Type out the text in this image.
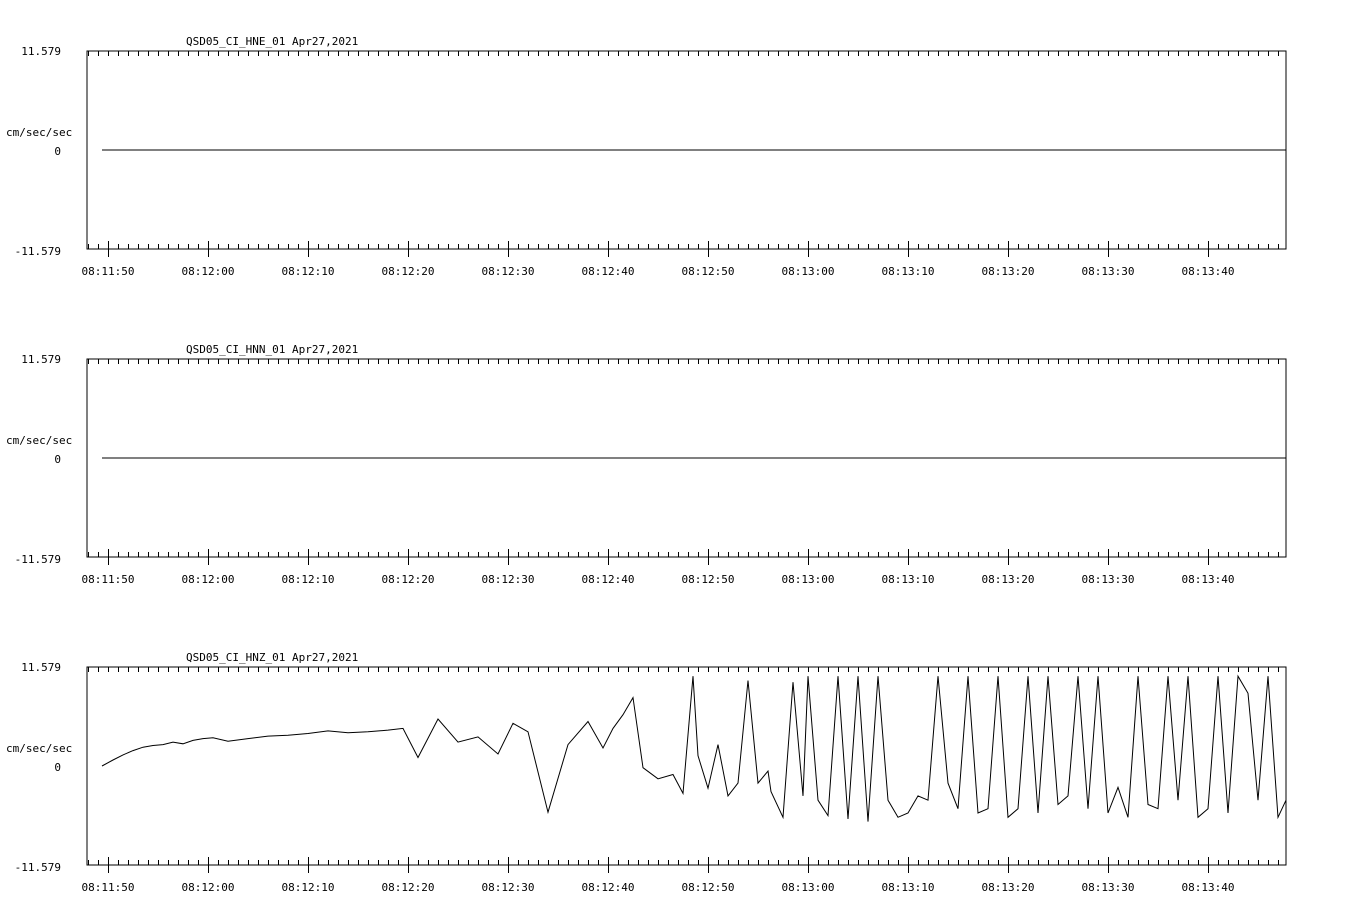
QSD05_CI_HNE_01 Apr27,2021
11.579
cm/sec/sec
0
-11.579
08:11:50	08:12:00	08:12:10	08:12:20	08:12:30	08:12:40	08:12:50	08:13:00	08:13:10	08:13:20	08:13:30	08:13:40
QSD05_CI_HNN_01 Apr27,2021
11.579
cm/sec/sec
0
-11.579
08:11:50	08:12:00	08:12:10	08:12:20	08:12:30	08:12:40	08:12:50	08:13:00	08:13:10	08:13:20	08:13:30	08:13:40
QSD05_CI_HNZ_01 Apr27,2021
11.579
cm/sec/sec
0
-11.579
08:11:50	08:12:00	08:12:10	08:12:20	08:12:30	08:12:40	08:12:50	08:13:00	08:13:10	08:13:20	08:13:30	08:13:40
